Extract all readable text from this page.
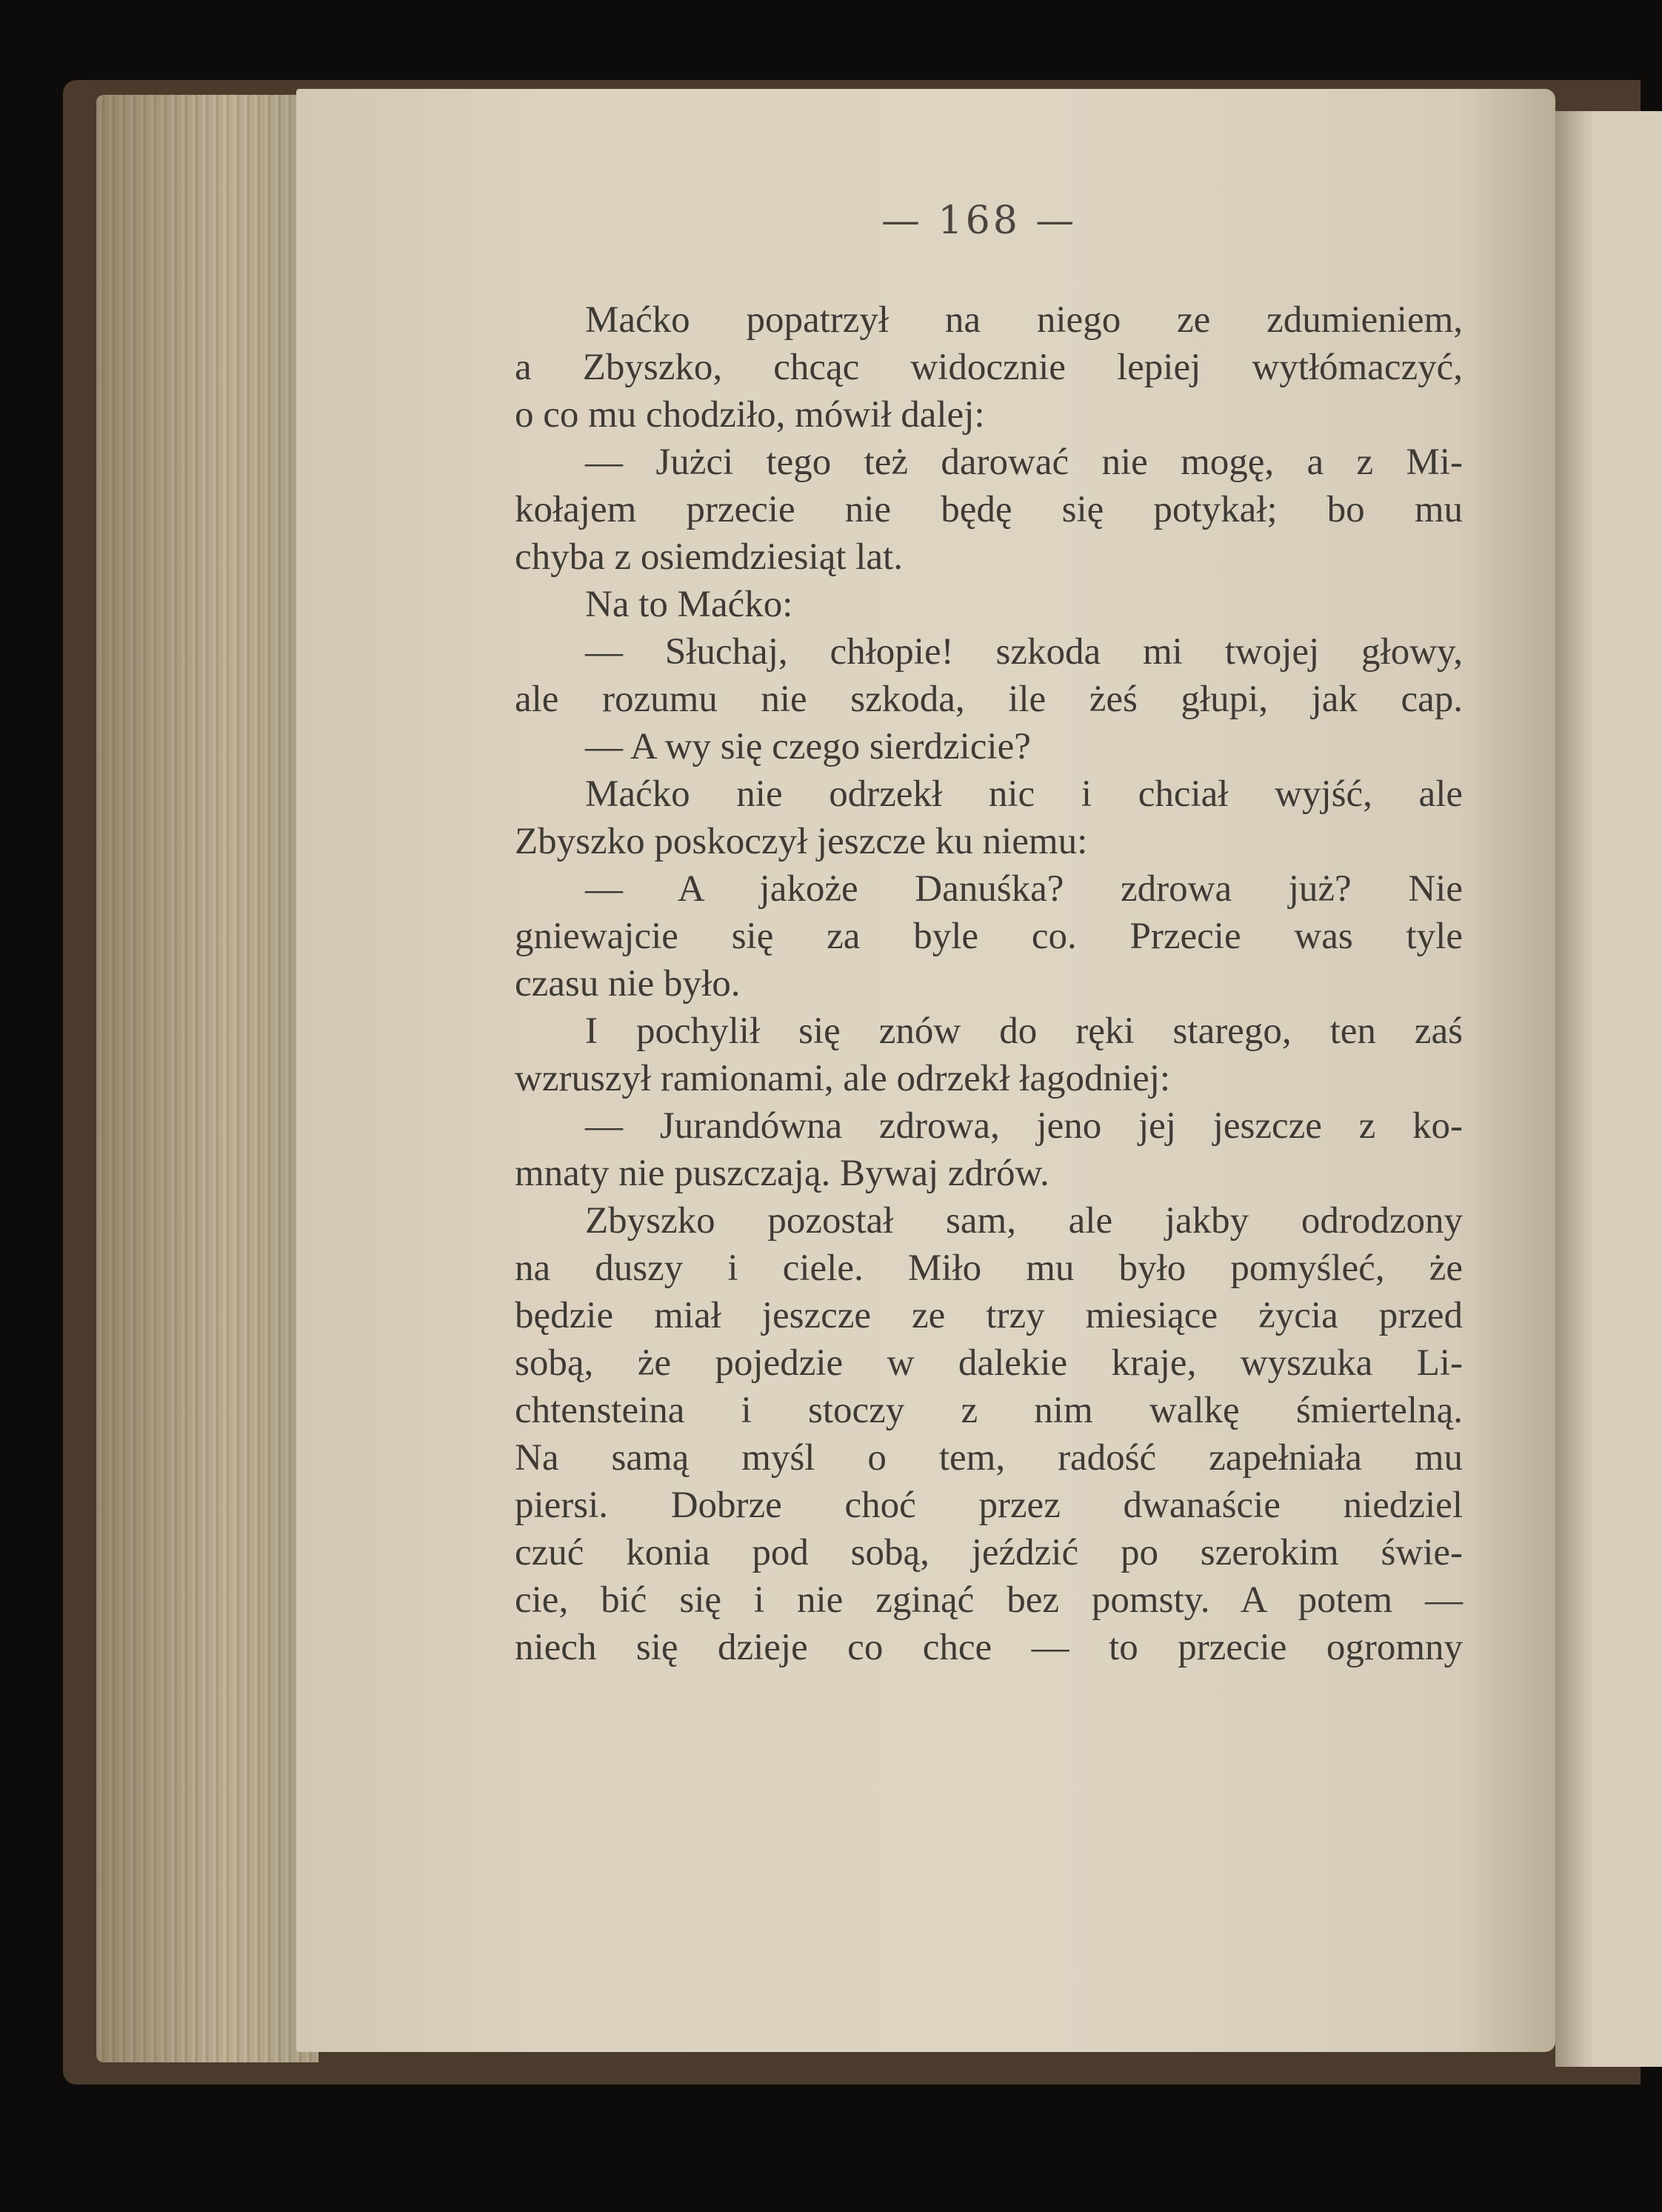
— 168 —
Maćko popatrzył na niego ze zdumieniem,
a Zbyszko, chcąc widocznie lepiej wytłómaczyć,
o co mu chodziło, mówił dalej:
— Jużci tego też darować nie mogę, a z Mi-
kołajem przecie nie będę się potykał; bo mu
chyba z osiemdziesiąt lat.
Na to Maćko:
— Słuchaj, chłopie! szkoda mi twojej głowy,
ale rozumu nie szkoda, ile żeś głupi, jak cap.
— A wy się czego sierdzicie?
Maćko nie odrzekł nic i chciał wyjść, ale
Zbyszko poskoczył jeszcze ku niemu:
— A jakoże Danuśka? zdrowa już? Nie
gniewajcie się za byle co. Przecie was tyle
czasu nie było.
I pochylił się znów do ręki starego, ten zaś
wzruszył ramionami, ale odrzekł łagodniej:
— Jurandówna zdrowa, jeno jej jeszcze z ko-
mnaty nie puszczają. Bywaj zdrów.
Zbyszko pozostał sam, ale jakby odrodzony
na duszy i ciele. Miło mu było pomyśleć, że
będzie miał jeszcze ze trzy miesiące życia przed
sobą, że pojedzie w dalekie kraje, wyszuka Li-
chtensteina i stoczy z nim walkę śmiertelną.
Na samą myśl o tem, radość zapełniała mu
piersi. Dobrze choć przez dwanaście niedziel
czuć konia pod sobą, jeździć po szerokim świe-
cie, bić się i nie zginąć bez pomsty. A potem —
niech się dzieje co chce — to przecie ogromny
